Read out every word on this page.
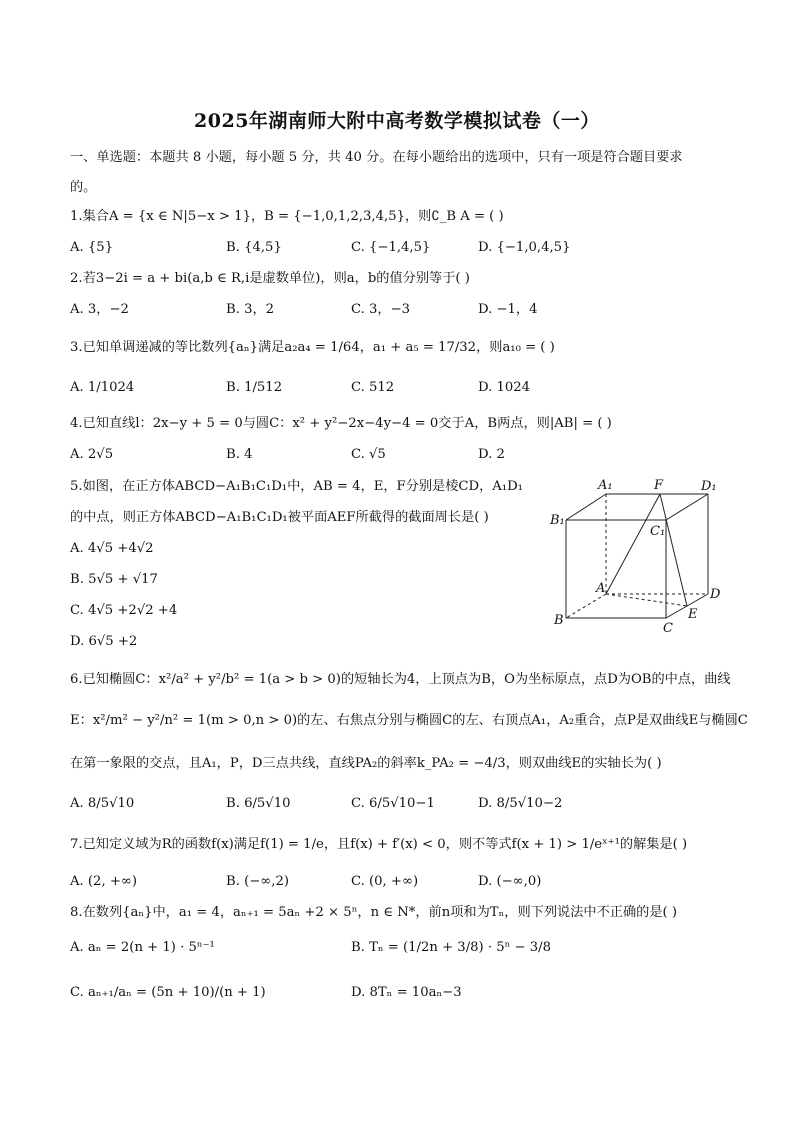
2025年湖南师大附中高考数学模拟试卷（一）
一、单选题：本题共 8 小题，每小题 5 分，共 40 分。在每小题给出的选项中，只有一项是符合题目要求
的。
1.集合A = {x ∈ N|5−x > 1}，B = {−1,0,1,2,3,4,5}，则∁_B A = ( )
A. {5}	B. {4,5}	C. {−1,4,5}	D. {−1,0,4,5}
2.若3−2i = a + bi(a,b ∈ R,i是虚数单位)，则a，b的值分别等于( )
A. 3，−2	B. 3，2	C. 3，−3	D. −1，4
3.已知单调递减的等比数列{aₙ}满足a₂a₄ = 1/64，a₁ + a₅ = 17/32，则a₁₀ = ( )
A. 1/1024	B. 1/512	C. 512	D. 1024
4.已知直线l：2x−y + 5 = 0与圆C：x² + y²−2x−4y−4 = 0交于A，B两点，则|AB| = ( )
A. 2√5	B. 4	C. √5	D. 2
5.如图，在正方体ABCD−A₁B₁C₁D₁中，AB = 4，E，F分别是棱CD，A₁D₁
的中点，则正方体ABCD−A₁B₁C₁D₁被平面AEF所截得的截面周长是( )
A. 4√5 +4√2
B. 5√5 + √17
C. 4√5 +2√2 +4
D. 6√5 +2
A₁	F	D₁
B₁
C₁
A	D
B
C
E
6.已知椭圆C：x²/a² + y²/b² = 1(a > b > 0)的短轴长为4，上顶点为B，O为坐标原点，点D为OB的中点，曲线
E：x²/m² − y²/n² = 1(m > 0,n > 0)的左、右焦点分别与椭圆C的左、右顶点A₁，A₂重合，点P是双曲线E与椭圆C
在第一象限的交点，且A₁，P，D三点共线，直线PA₂的斜率k_PA₂ = −4/3，则双曲线E的实轴长为( )
A. 8/5√10	B. 6/5√10	C. 6/5√10−1	D. 8/5√10−2
7.已知定义域为R的函数f(x)满足f(1) = 1/e，且f(x) + f′(x) < 0，则不等式f(x + 1) > 1/eˣ⁺¹的解集是( )
A. (2, +∞)	B. (−∞,2)	C. (0, +∞)	D. (−∞,0)
8.在数列{aₙ}中，a₁ = 4，aₙ₊₁ = 5aₙ +2 × 5ⁿ，n ∈ N*，前n项和为Tₙ，则下列说法中不正确的是( )
A. aₙ = 2(n + 1) · 5ⁿ⁻¹	B. Tₙ = (1/2n + 3/8) · 5ⁿ − 3/8
C. aₙ₊₁/aₙ = (5n + 10)/(n + 1)	D. 8Tₙ = 10aₙ−3
